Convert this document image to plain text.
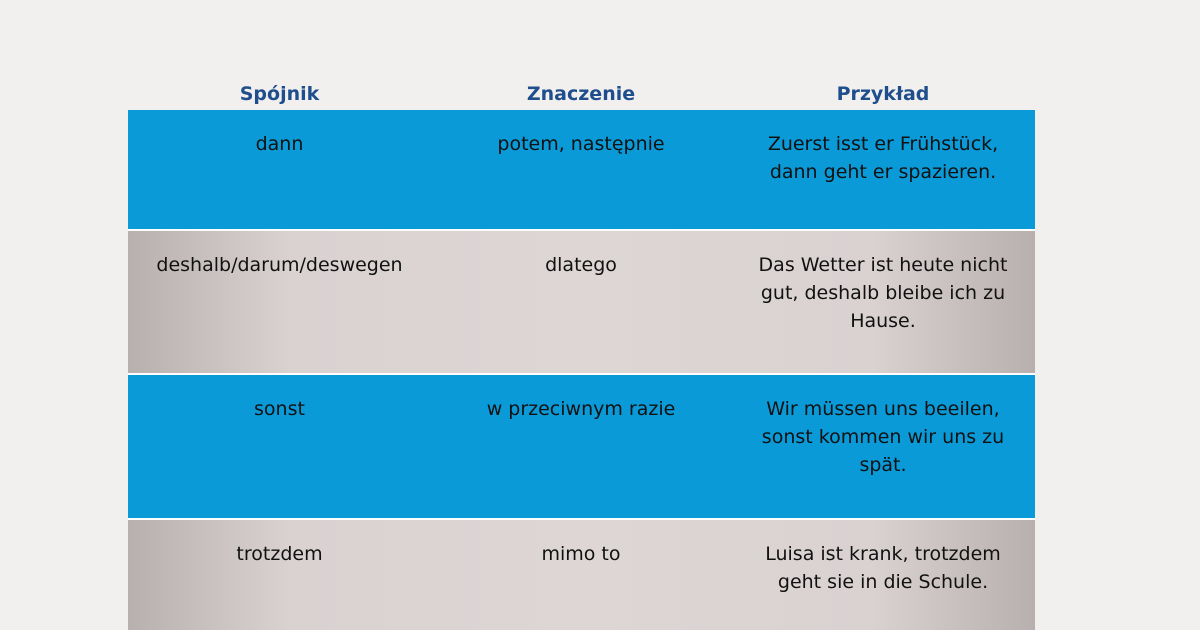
Spójnik	Znaczenie	Przykład
dann	potem, następnie	Zuerst isst er Frühstück,
dann geht er spazieren.
deshalb/darum/deswegen	dlatego	Das Wetter ist heute nicht
gut, deshalb bleibe ich zu
Hause.
sonst	w przeciwnym razie	Wir müssen uns beeilen,
sonst kommen wir uns zu
spät.
trotzdem	mimo to	Luisa ist krank, trotzdem
geht sie in die Schule.
